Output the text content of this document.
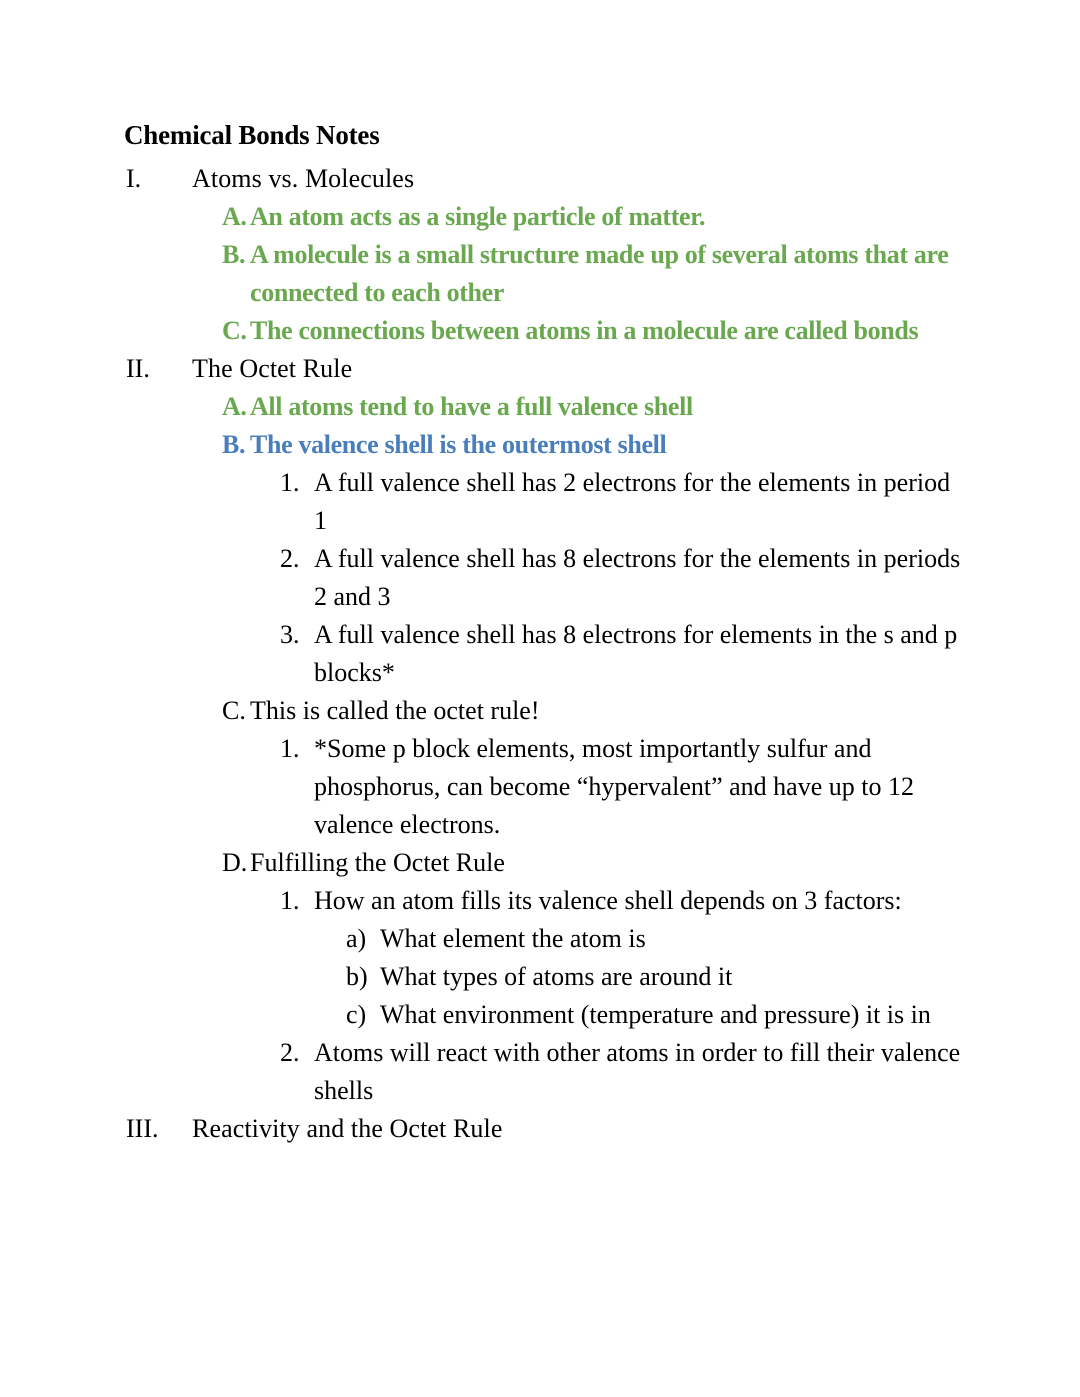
Chemical Bonds Notes
I.	Atoms vs. Molecules
A. An atom acts as a single particle of matter.
B. A molecule is a small structure made up of several atoms that are connected to each other
C. The connections between atoms in a molecule are called bonds
II.	The Octet Rule
A. All atoms tend to have a full valence shell
B. The valence shell is the outermost shell
1. A full valence shell has 2 electrons for the elements in period 1
2. A full valence shell has 8 electrons for the elements in periods 2 and 3
3. A full valence shell has 8 electrons for elements in the s and p blocks*
C. This is called the octet rule!
1. *Some p block elements, most importantly sulfur and phosphorus, can become “hypervalent” and have up to 12 valence electrons.
D. Fulfilling the Octet Rule
1. How an atom fills its valence shell depends on 3 factors:
a) What element the atom is
b) What types of atoms are around it
c) What environment (temperature and pressure) it is in
2. Atoms will react with other atoms in order to fill their valence shells
III.	Reactivity and the Octet Rule
